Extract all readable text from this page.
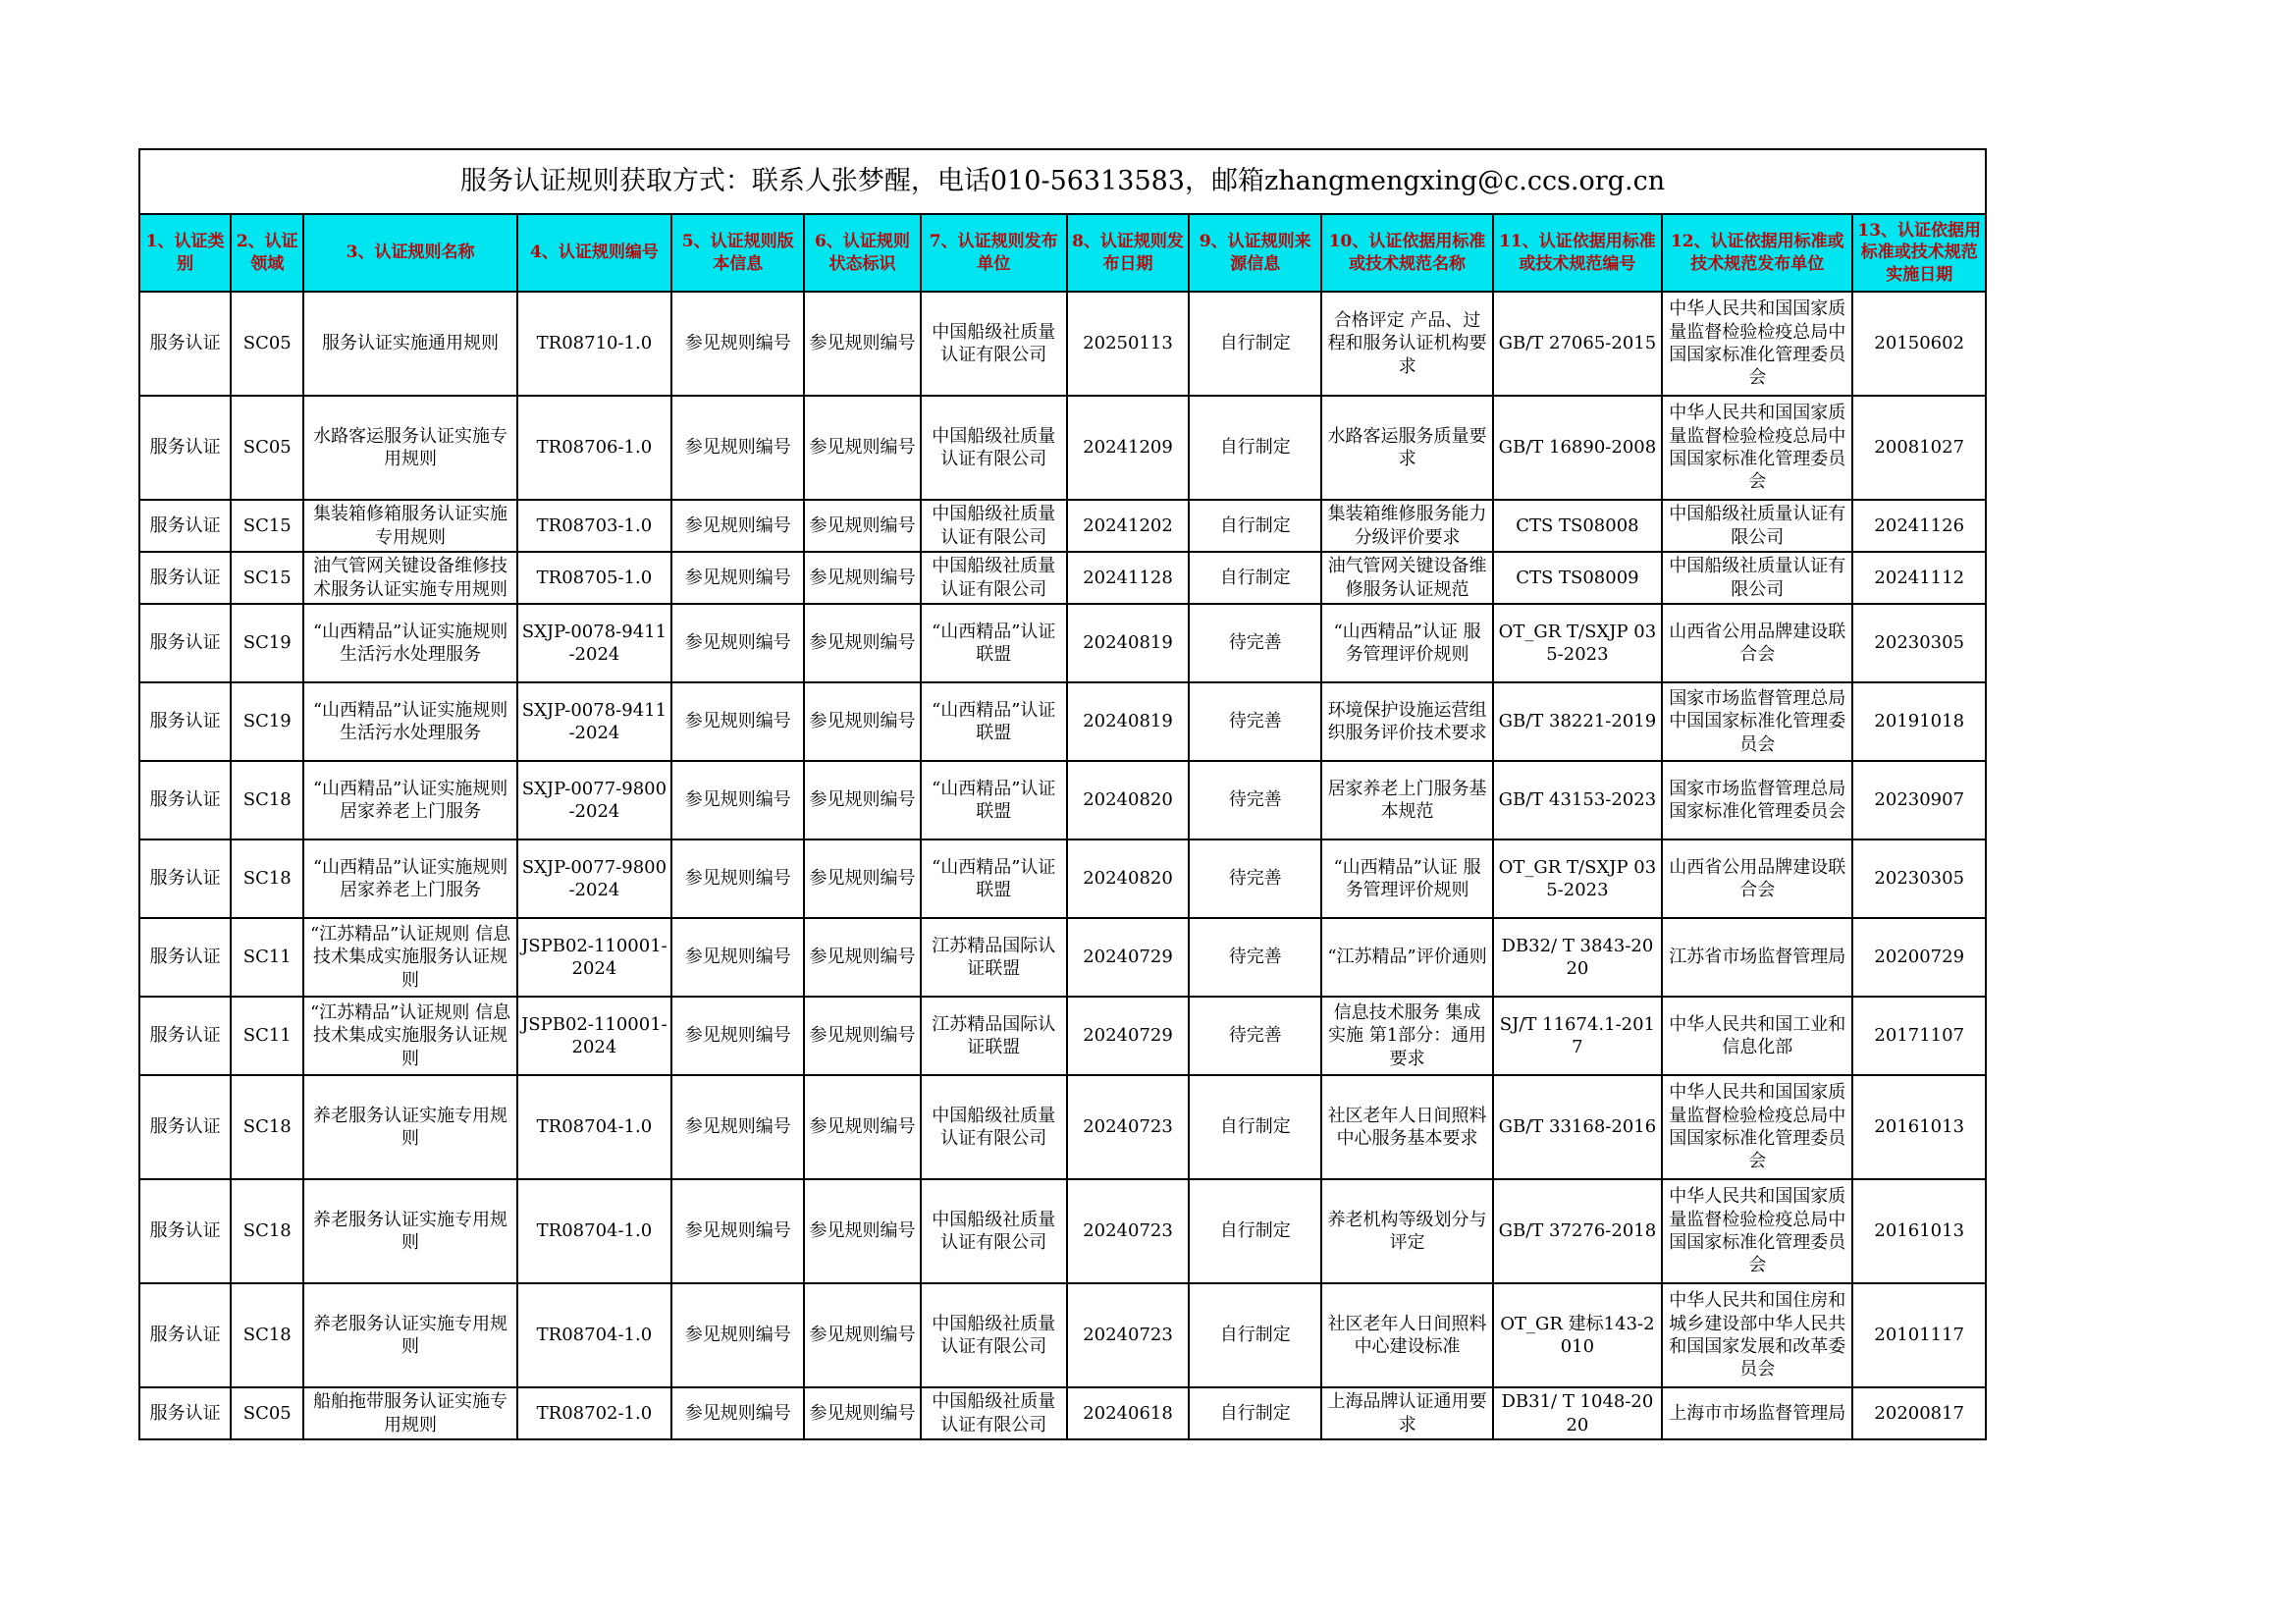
服务认证规则获取方式：联系人张梦醒，电话010-56313583，邮箱zhangmengxing@c.ccs.org.cn												
1、认证类别	2、认证领域	3、认证规则名称	4、认证规则编号	5、认证规则版本信息	6、认证规则状态标识	7、认证规则发布单位	8、认证规则发布日期	9、认证规则来源信息	10、认证依据用标准或技术规范名称	11、认证依据用标准或技术规范编号	12、认证依据用标准或技术规范发布单位	13、认证依据用标准或技术规范实施日期
服务认证	SC05	服务认证实施通用规则	TR08710-1.0	参见规则编号	参见规则编号	中国船级社质量认证有限公司	20250113	自行制定	合格评定 产品、过程和服务认证机构要求	GB/T 27065-2015	中华人民共和国国家质量监督检验检疫总局中国国家标准化管理委员会	20150602
服务认证	SC05	水路客运服务认证实施专用规则	TR08706-1.0	参见规则编号	参见规则编号	中国船级社质量认证有限公司	20241209	自行制定	水路客运服务质量要求	GB/T 16890-2008	中华人民共和国国家质量监督检验检疫总局中国国家标准化管理委员会	20081027
服务认证	SC15	集装箱修箱服务认证实施专用规则	TR08703-1.0	参见规则编号	参见规则编号	中国船级社质量认证有限公司	20241202	自行制定	集装箱维修服务能力分级评价要求	CTS TS08008	中国船级社质量认证有限公司	20241126
服务认证	SC15	油气管网关键设备维修技术服务认证实施专用规则	TR08705-1.0	参见规则编号	参见规则编号	中国船级社质量认证有限公司	20241128	自行制定	油气管网关键设备维修服务认证规范	CTS TS08009	中国船级社质量认证有限公司	20241112
服务认证	SC19	“山西精品”认证实施规则 生活污水处理服务	SXJP-0078-9411-2024	参见规则编号	参见规则编号	“山西精品”认证联盟	20240819	待完善	“山西精品”认证 服务管理评价规则	OT_GR T/SXJP 035-2023	山西省公用品牌建设联合会	20230305
服务认证	SC19	“山西精品”认证实施规则 生活污水处理服务	SXJP-0078-9411-2024	参见规则编号	参见规则编号	“山西精品”认证联盟	20240819	待完善	环境保护设施运营组织服务评价技术要求	GB/T 38221-2019	国家市场监督管理总局中国国家标准化管理委员会	20191018
服务认证	SC18	“山西精品”认证实施规则 居家养老上门服务	SXJP-0077-9800-2024	参见规则编号	参见规则编号	“山西精品”认证联盟	20240820	待完善	居家养老上门服务基本规范	GB/T 43153-2023	国家市场监督管理总局国家标准化管理委员会	20230907
服务认证	SC18	“山西精品”认证实施规则 居家养老上门服务	SXJP-0077-9800-2024	参见规则编号	参见规则编号	“山西精品”认证联盟	20240820	待完善	“山西精品”认证 服务管理评价规则	OT_GR T/SXJP 035-2023	山西省公用品牌建设联合会	20230305
服务认证	SC11	“江苏精品”认证规则 信息技术集成实施服务认证规则	JSPB02-110001-2024	参见规则编号	参见规则编号	江苏精品国际认证联盟	20240729	待完善	“江苏精品”评价通则	DB32/ T 3843-2020	江苏省市场监督管理局	20200729
服务认证	SC11	“江苏精品”认证规则 信息技术集成实施服务认证规则	JSPB02-110001-2024	参见规则编号	参见规则编号	江苏精品国际认证联盟	20240729	待完善	信息技术服务 集成实施 第1部分：通用要求	SJ/T 11674.1-2017	中华人民共和国工业和信息化部	20171107
服务认证	SC18	养老服务认证实施专用规则	TR08704-1.0	参见规则编号	参见规则编号	中国船级社质量认证有限公司	20240723	自行制定	社区老年人日间照料中心服务基本要求	GB/T 33168-2016	中华人民共和国国家质量监督检验检疫总局中国国家标准化管理委员会	20161013
服务认证	SC18	养老服务认证实施专用规则	TR08704-1.0	参见规则编号	参见规则编号	中国船级社质量认证有限公司	20240723	自行制定	养老机构等级划分与评定	GB/T 37276-2018	中华人民共和国国家质量监督检验检疫总局中国国家标准化管理委员会	20161013
服务认证	SC18	养老服务认证实施专用规则	TR08704-1.0	参见规则编号	参见规则编号	中国船级社质量认证有限公司	20240723	自行制定	社区老年人日间照料中心建设标准	OT_GR 建标143-2010	中华人民共和国住房和城乡建设部中华人民共和国国家发展和改革委员会	20101117
服务认证	SC05	船舶拖带服务认证实施专用规则	TR08702-1.0	参见规则编号	参见规则编号	中国船级社质量认证有限公司	20240618	自行制定	上海品牌认证通用要求	DB31/ T 1048-2020	上海市市场监督管理局	20200817
